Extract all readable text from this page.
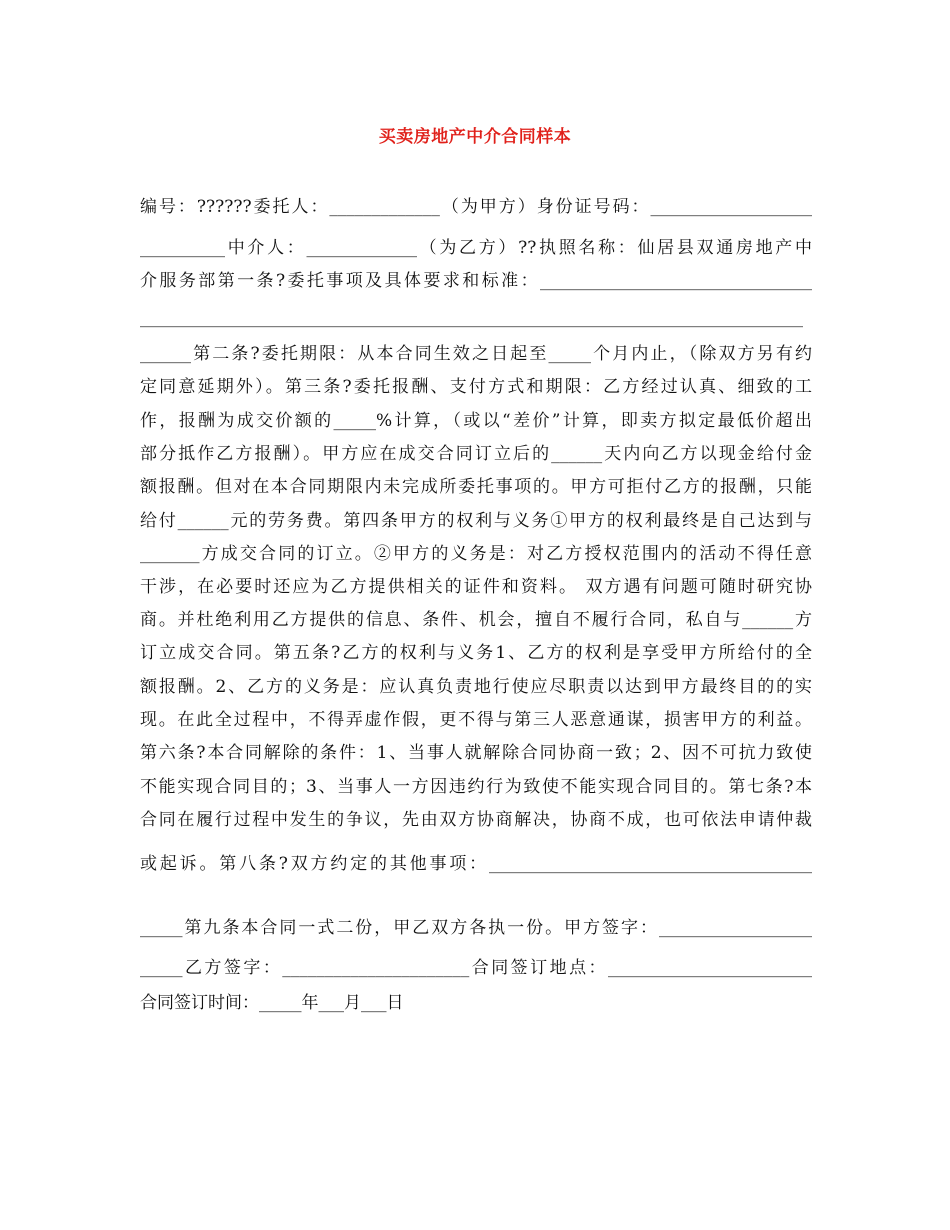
买卖房地产中介合同样本
编号：??????委托人：_____________（为甲方）身份证号码：___________________
__________中介人：_____________（为乙方）??执照名称：仙居县双通房地产中
介服务部第一条?委托事项及具体要求和标准：________________________________
______________________________________________________________________________
______第二条?委托期限：从本合同生效之日起至_____个月内止，（除双方另有约
定同意延期外）。第三条?委托报酬、支付方式和期限：乙方经过认真、细致的工
作，报酬为成交价额的_____%计算，（或以“差价”计算，即卖方拟定最低价超出
部分抵作乙方报酬）。甲方应在成交合同订立后的______天内向乙方以现金给付金
额报酬。但对在本合同期限内未完成所委托事项的。甲方可拒付乙方的报酬，只能
给付______元的劳务费。第四条甲方的权利与义务①甲方的权利最终是自己达到与
_______方成交合同的订立。②甲方的义务是：对乙方授权范围内的活动不得任意
干涉，在必要时还应为乙方提供相关的证件和资料。 双方遇有问题可随时研究协
商。并杜绝利用乙方提供的信息、条件、机会，擅自不履行合同，私自与______方
订立成交合同。第五条?乙方的权利与义务1、乙方的权利是享受甲方所给付的全
额报酬。2、乙方的义务是：应认真负责地行使应尽职责以达到甲方最终目的的实
现。在此全过程中，不得弄虚作假，更不得与第三人恶意通谋，损害甲方的利益。
第六条?本合同解除的条件：1、当事人就解除合同协商一致；2、因不可抗力致使
不能实现合同目的；3、当事人一方因违约行为致使不能实现合同目的。第七条?本
合同在履行过程中发生的争议，先由双方协商解决，协商不成，也可依法申请仲裁
或起诉。第八条?双方约定的其他事项：______________________________________
_____第九条本合同一式二份，甲乙双方各执一份。甲方签字：__________________
_____乙方签字：______________________合同签订地点：________________________
合同签订时间：_____年___月___日
